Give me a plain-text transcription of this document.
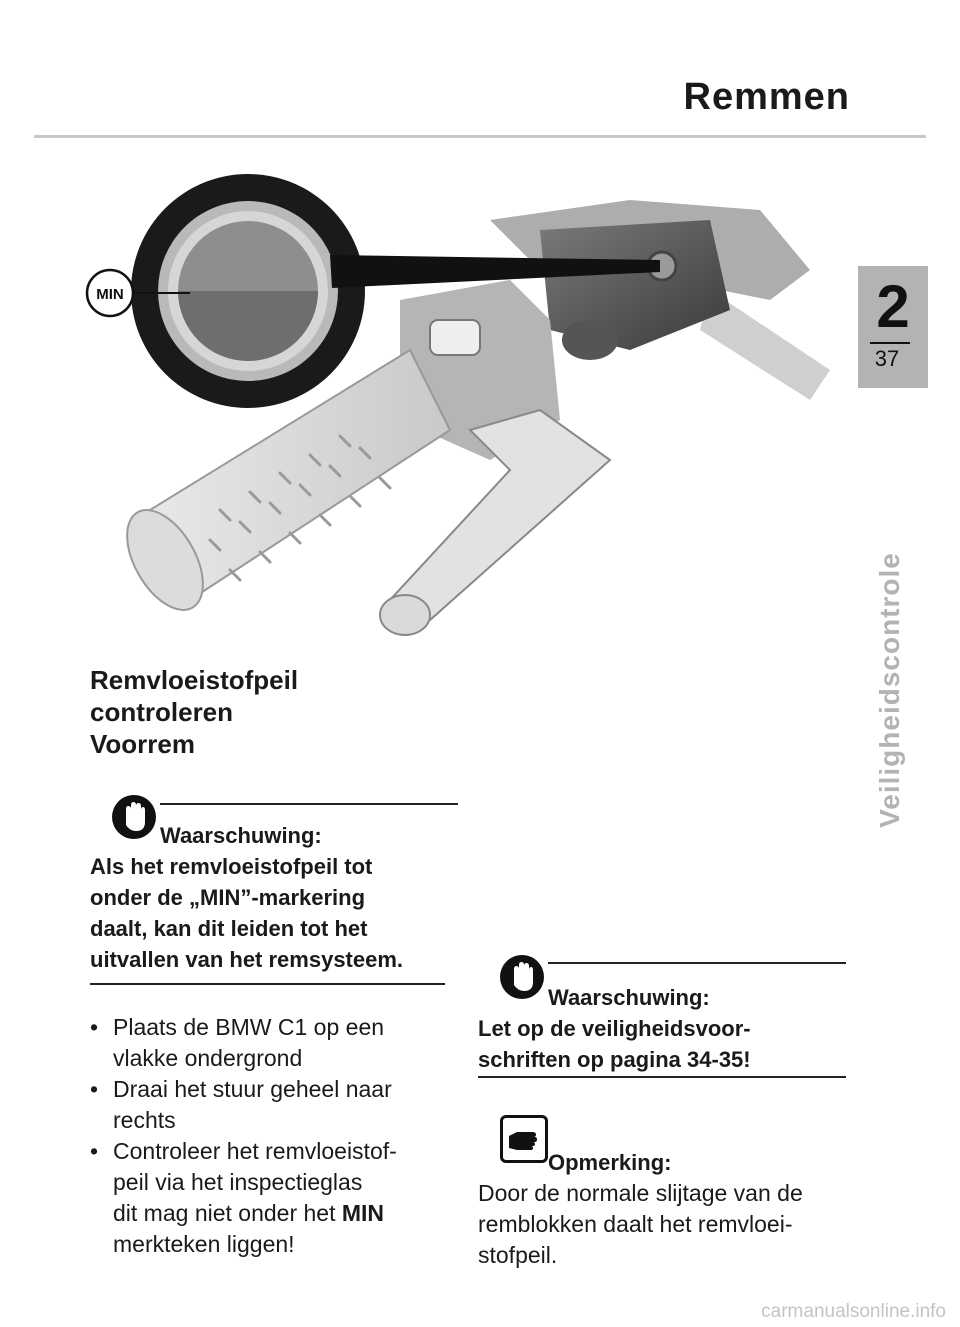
Remmen
2
37
Veiligheidscontrole
MIN
Remvloeistofpeil
controleren
Voorrem
Waarschuwing:
Als het remvloeistofpeil tot
onder de „MIN”-markering
daalt, kan dit leiden tot het
uitvallen van het remsysteem.
• Plaats de BMW C1 op een
vlakke ondergrond
• Draai het stuur geheel naar
rechts
• Controleer het remvloeistof-
peil via het inspectieglas
dit mag niet onder het MIN
merkteken liggen!
Waarschuwing:
Let op de veiligheidsvoor-
schriften op pagina 34-35!
Opmerking:
Door de normale slijtage van de
remblokken daalt het remvloei-
stofpeil.
carmanualsonline.info
